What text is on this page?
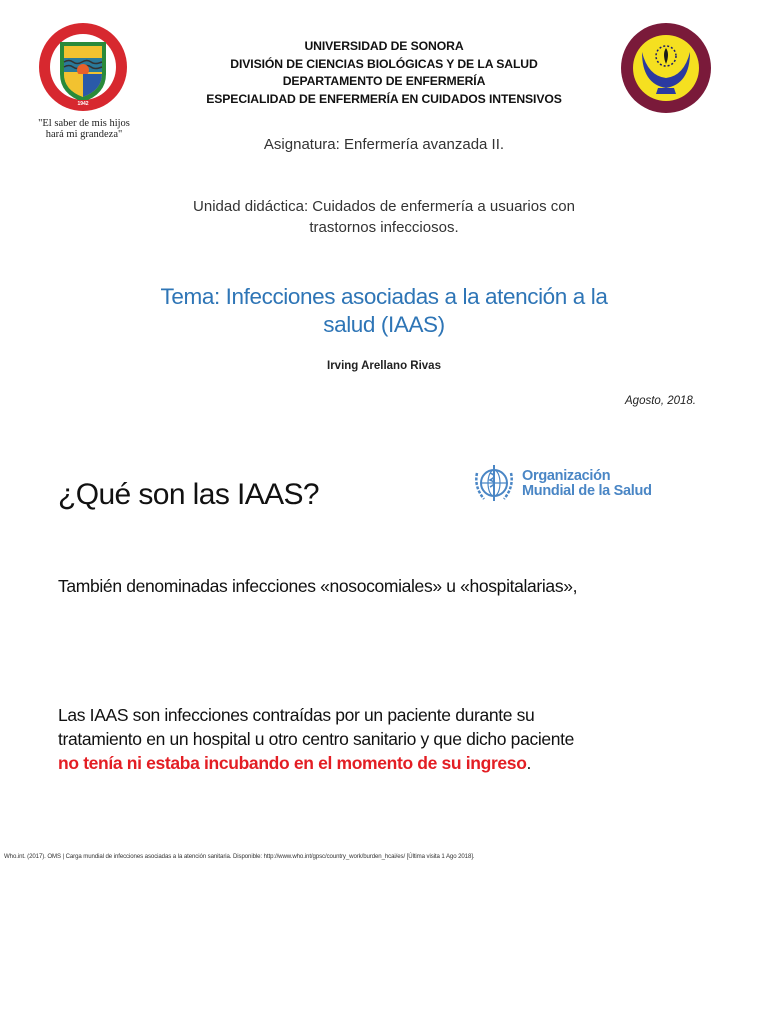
1942
"El saber de mis hijos
hará mi grandeza"
UNIVERSIDAD DE SONORA
DIVISIÓN DE CIENCIAS BIOLÓGICAS Y DE LA SALUD
DEPARTAMENTO DE ENFERMERÍA
ESPECIALIDAD DE ENFERMERÍA EN CUIDADOS INTENSIVOS
Asignatura: Enfermería avanzada II.
Unidad didáctica: Cuidados de enfermería a usuarios con
trastornos infecciosos.
Tema: Infecciones asociadas a la atención a la
salud (IAAS)
Irving Arellano Rivas
Agosto, 2018.
¿Qué son las IAAS?
Organización
Mundial de la Salud
También denominadas infecciones «nosocomiales» u «hospitalarias»,
Las IAAS son infecciones contraídas por un paciente durante su
tratamiento en un hospital u otro centro sanitario y que dicho paciente
no tenía ni estaba incubando en el momento de su ingreso.
Who.int. (2017). OMS | Carga mundial de infecciones asociadas a la atención sanitaria. Disponible: http://www.who.int/gpsc/country_work/burden_hcai/es/ [Última visita 1 Ago 2018].
